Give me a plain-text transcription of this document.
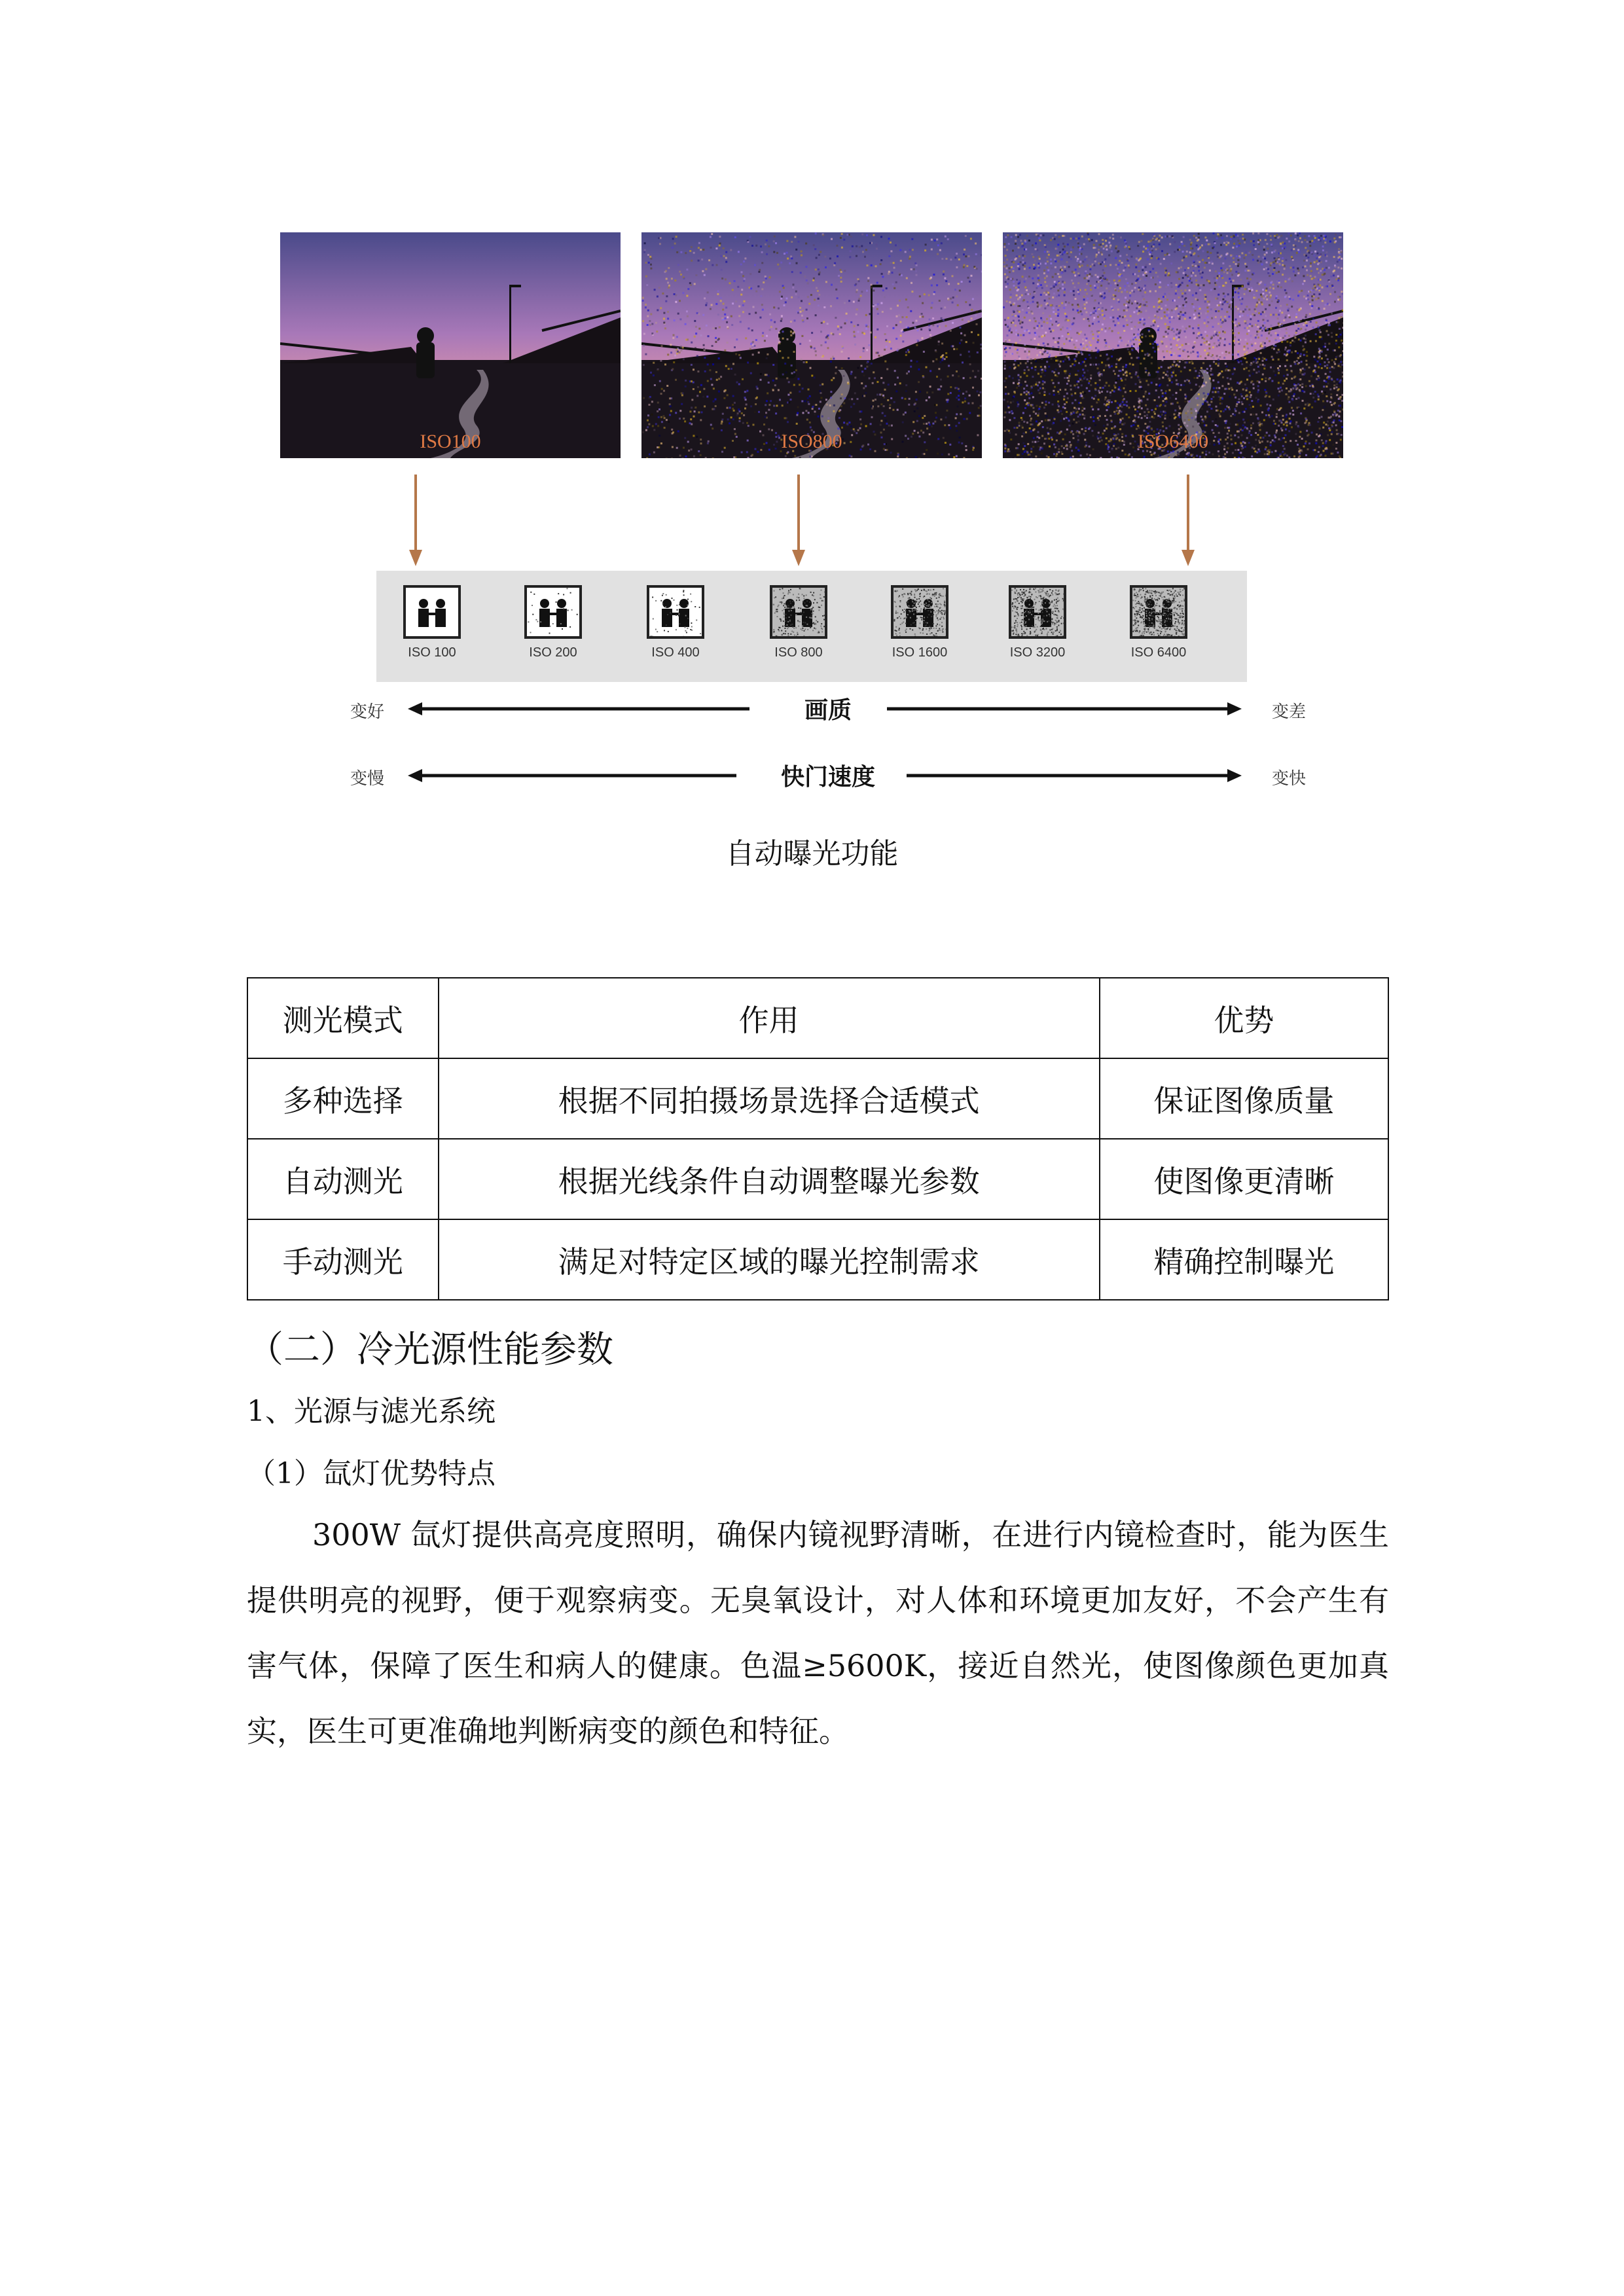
ISO100	ISO800	ISO6400
ISO 100	ISO 200	ISO 400	ISO 800	ISO 1600	ISO 3200	ISO 6400
变好	画质	变差
变慢	快门速度	变快
自动曝光功能
测光模式	作用	优势
多种选择	根据不同拍摄场景选择合适模式	保证图像质量
自动测光	根据光线条件自动调整曝光参数	使图像更清晰
手动测光	满足对特定区域的曝光控制需求	精确控制曝光
（二）冷光源性能参数
1、光源与滤光系统
（1）氙灯优势特点
300W 氙灯提供高亮度照明，确保内镜视野清晰，在进行内镜检查时，能为医生提供明亮的视野，便于观察病变。无臭氧设计，对人体和环境更加友好，不会产生有害气体，保障了医生和病人的健康。色温≥5600K，接近自然光，使图像颜色更加真实，医生可更准确地判断病变的颜色和特征。
